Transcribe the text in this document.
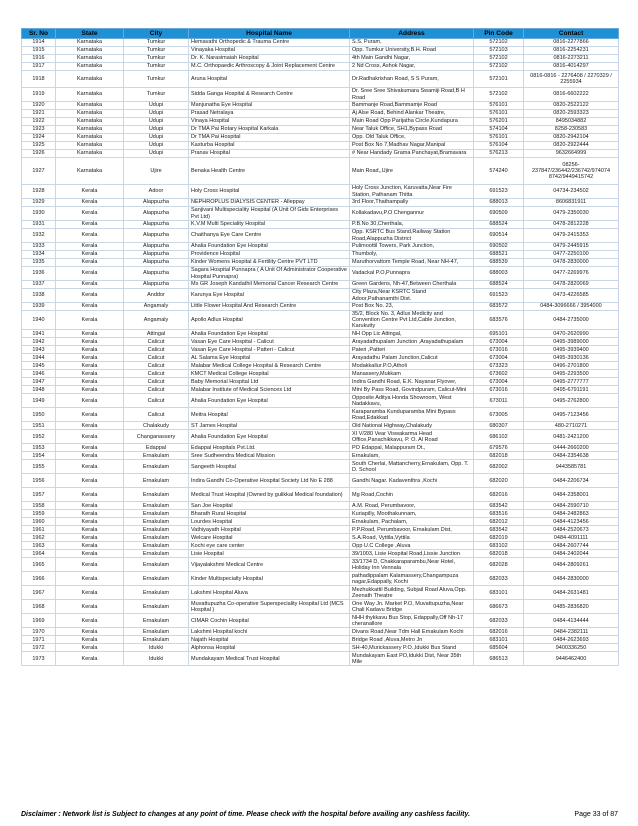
Sr. No	State	City	Hospital Name	Address	Pin Code	Contact
1914	Karnataka	Tumkur	Hemavathi Orthopedic & Trauma Centre	S.S. Puram,	572102	0816-2277866
1915	Karnataka	Tumkur	Vinayaka Hospital	Opp. Tumkur University,B.H. Road	572103	0816-2254231
1916	Karnataka	Tumkur	Dr. K. Narasimaiah Hospital	4th Main Gandhi Nagar,	572102	0816-2273211
1917	Karnataka	Tumkur	M.C. Orthopaedic Arthroscopy & Joint Replacement Centre	2 Nd Cross, Ashok Nagar,	572102	0816-4014297
1918	Karnataka	Tumkur	Aruna Hospital	Dr.Radhakrishan Road, S S Puram,	572101	0816-0816 - 2276408 / 2270329 / 2255934
1919	Karnataka	Tumkur	Sidda Ganga Hospital & Research Centre	Dr. Sree Sree Shivakumara Swamiji Road,B H Road	572102	0816-6602222
1920	Karnataka	Udupi	Manjunatha Eye Hospital	Bammanje Road,Bammamje Road	576101	0820-2522122
1921	Karnataka	Udupi	Prasad Netralaya	Aj Alse Road, Behind Alankar Theatre,	576101	0820-2593323
1922	Karnataka	Udupi	Vinaya Hospital	Main Road Opp Parijatha Circle,Kundapura	576201	8495034882
1923	Karnataka	Udupi	Dr TMA Pai Rotary Hospital Karkala	Near Taluk Office, SH1,Bypass Road	574104	8258-230583
1924	Karnataka	Udupi	Dr TMA Pai Hospital	Opp. Old Taluk Office,	576101	0820-2942104
1925	Karnataka	Udupi	Kasturba Hospital	Post Box No 7,Madhav Nagar,Manipal	576104	0820-2922444
1926	Karnataka	Udupi	Pranav Hospital	# Near Handady Grama Panchayat,Bramavara	576213	9632664999
1927	Karnataka	Ujire	Benaka Health Centre	Main Road,,Ujire	574240	08256-237847/236442/236742/974074 8742/9449415742
1928	Kerala	Adoor	Holy Cross Hospital	Holy Cross Junction, Karuvatta,Near Fire Station, Pathanam Thitta	691523	04734-234502
1929	Kerala	Alappuzha	NEPHROPLUS DIALYSIS CENTER - Alleppay	3rd Floor,Thathampally	688013	8606831911
1930	Kerala	Alappuzha	Sanjivani Multispeciality Hospital (A Unit Of Gids Enterprises Pvt Ltd)	Kollakadavu,P.O Chengannur	690509	0479-2350030
1931	Kerala	Alappuzha	K.V.M Multi Speciality Hospital	P.B.No 30,Cherthala,	688524	0478-2812228
1932	Kerala	Alappuzha	Chaithanya Eye Care Centre	Opp. KSRTC Bus Stand,Railway Station Road,Alappuzha District	690514	0479-2415353
1933	Kerala	Alappuzha	Ahalia Foundation Eye Hospital	Pulimoottil Towers, Park Junction,	690502	0479-2445915
1934	Kerala	Alappuzha	Providence Hospital	Thumboly,	688521	0477-2250100
1935	Kerala	Alappuzha	Kinder Womens Hospital & Fertility Centre PVT LTD	Maruthorvattom Temple Road, Near NH-47,	688539	0478-2830000
1936	Kerala	Alappuzha	Sagara Hospital Punnapra ( A Unit Of Administrator Cooperative Hospital Punnapra)	Vadackal P.O,Punnapra	688003	0477-2269976
1937	Kerala	Alappuzha	Ms GR Joseph Kandathil Memorial Cancer Research Centre	Green Gardens, Nh-47,Between Cherthala	688524	0478-2820069
1938	Kerala	Anddor	Karunya Eye Hospital	City Plaza,Near KSRTC Stand Adoor,Pathanamthi Dist.	691523	0473-4226585
1939	Kerala	Angamaly	Little Flower Hospital And Research Centre	Post Box No. 23,	683572	0484-3096666 / 3954000
1940	Kerala	Angamaly	Apollo Adlux Hospital	35/2, Block No. 3, Adlux Medicity and Convention Centre Pvt Ltd,Cable Junction, Karukutty	683576	0484-2735000
1941	Kerala	Attingal	Ahalia Foundation Eye Hospital	NH Opp Lic Attingal,	695101	0470-2620990
1942	Kerala	Calicut	Vasan Eye Care Hospital - Calicut	Arayadathupalam Junction ,Arayadathupalam	673004	0495-3989000
1943	Kerala	Calicut	Vasan Eye Care Hospital - Patteri - Calicut	Pateri ,Patteri	673016	0495-3939400
1944	Kerala	Calicut	AL Salama Eye Hospital	Arayadathu Palam Junction,Calicut	673004	0495-3930136
1945	Kerala	Calicut	Malabar Medical College Hospital & Research Centre	Modakkallur.P.O,Atholi	673323	0496-2701800
1946	Kerala	Calicut	KMCT Medical College Hospital	Manassery,Mukkam	673602	0495-2293500
1947	Kerala	Calicut	Baby Memorial Hospital Ltd	Indira Gandhi Road, E.K. Nayanar Flyover,	673004	0495-2777777
1948	Kerala	Calicut	Malabar Institute of Medical Sciences Ltd	Mini By Pass Road, Govindpuram, Calicut-Mini	673016	0495-6791191
1949	Kerala	Calicut	Ahalia Foundation Eye Hospital	Opposite Aditya Honda Showroom, West Nadakkavu,	673011	0495-2762800
1950	Kerala	Calicut	Meitra Hospital	Karaparamba Kunduparamba Mini Bypass Road,Edakkad	673005	0495-7123456
1951	Kerala	Chalakudy	ST James Hospital	Old National Highway,Chalakudy	680307	480-2710271
1952	Kerala	Changanassery	Ahalia Foundation Eye Hospital	XI V/280 Vear Viswakarma Head Office,Panachikkavu, P. O. Al Road	686102	0481-2421200
1953	Kerala	Edappal	Edappal Hospitals Pvt.Ltd.	PO Edappal, Malappuram Dt.,	679576	0444-2660200
1954	Kerala	Ernakulam	Sree Sudheendra Medical Mission	Ernakulam,	682018	0484-2354638
1955	Kerala	Ernakulam	Sangeeth Hospital	South Cherlai, Mattancherry,Ernakulam, Opp. T. D. School	682002	9443585781
1956	Kerala	Ernakulam	Indira Gandhi Co-Operative Hospital Society Ltd No E 288	Gandhi Nagar. Kadaventhra ,Kochi	682020	0484-2206734
1957	Kerala	Ernakulam	Medical Trust Hospital (Owned by gulikkal Medical foundation)	Mg Road,Cochin	682016	0484-2358001
1958	Kerala	Ernakulam	San Joe Hospital	A.M. Road, Perumbavoor,	683542	0484-2590710
1959	Kerala	Ernakulam	Bharath Rural Hospital	Kuriapilly, Moothakunnam,	683516	0484-2482863
1960	Kerala	Ernakulam	Lourdes Hospital	Ernakulam, Pachalam,	682012	0484-4123456
1961	Kerala	Ernakulam	Vathiyayath Hospital	P.P.Road, Perumbavoor, Ernakulam Dist,	683542	0484-2520673
1962	Kerala	Ernakulam	Welcare Hospital	S.A.Road, Vyttila,Vyttila	682019	0484-4091111
1963	Kerala	Ernakulam	Kochi eye care center	Opp U.C College ,Aluva	683102	0484-2607744
1964	Kerala	Ernakulam	Lisie Hospital	39/1003, Lisie Hospital Road,Lissie Junction	682018	0484-2402044
1965	Kerala	Ernakulam	Vijayalakshmi Medical Centre	33/1734 D, Chakkaraparambu,Near Hotel, Holiday Inn Vennala	682028	0484-2809261
1966	Kerala	Ernakulam	Kinder Multispecialty Hospital	pathadippalam Kalamassery,Changampuza nagar,Edappally, Kochi	682033	0484-2830000
1967	Kerala	Ernakulam	Lakshmi Hospital Aluva	Mezhukkattil Building, Subjail Road Aluva,Opp. Zeenath Theatre	683101	0484-2631481
1968	Kerala	Ernakulam	Muvattupuzha Co-operative Superspeciality Hospital Ltd (MCS Hospital )	One Way Jn. Market P.O, Muvattupuzha,Near Chali Kadavu Bridge	686673	0485-2836820
1969	Kerala	Ernakulam	CIMAR Cochin Hospital	NHH thykkavu Bus Stop, Edappally,Off Nh-17 cheranallore	682033	0484-4134444
1970	Kerala	Ernakulam	Lakshmi Hospital kochi	Divans Road,Near Tdm Hall Ernakulam Kochi	682016	0484-2382111
1971	Kerala	Ernakulam	Najath Hospital	Bridge Road ,Aluva,Metro Jn	683101	0484-2623693
1972	Kerala	Idukki	Alphonsa Hospital	SH-40,Murickassery P.O.,Idukki Bus Stand	685604	9400336250
1973	Kerala	Idukki	Mundakayam Medical Trust Hospital	Mundakayam East PO,Idukki Dist, Near 35th Mile	686513	9446462400
Disclaimer : Network list is Subject to changes at any point of time. Please check with the hospital before availing any cashless facility.	Page 33 of 87
